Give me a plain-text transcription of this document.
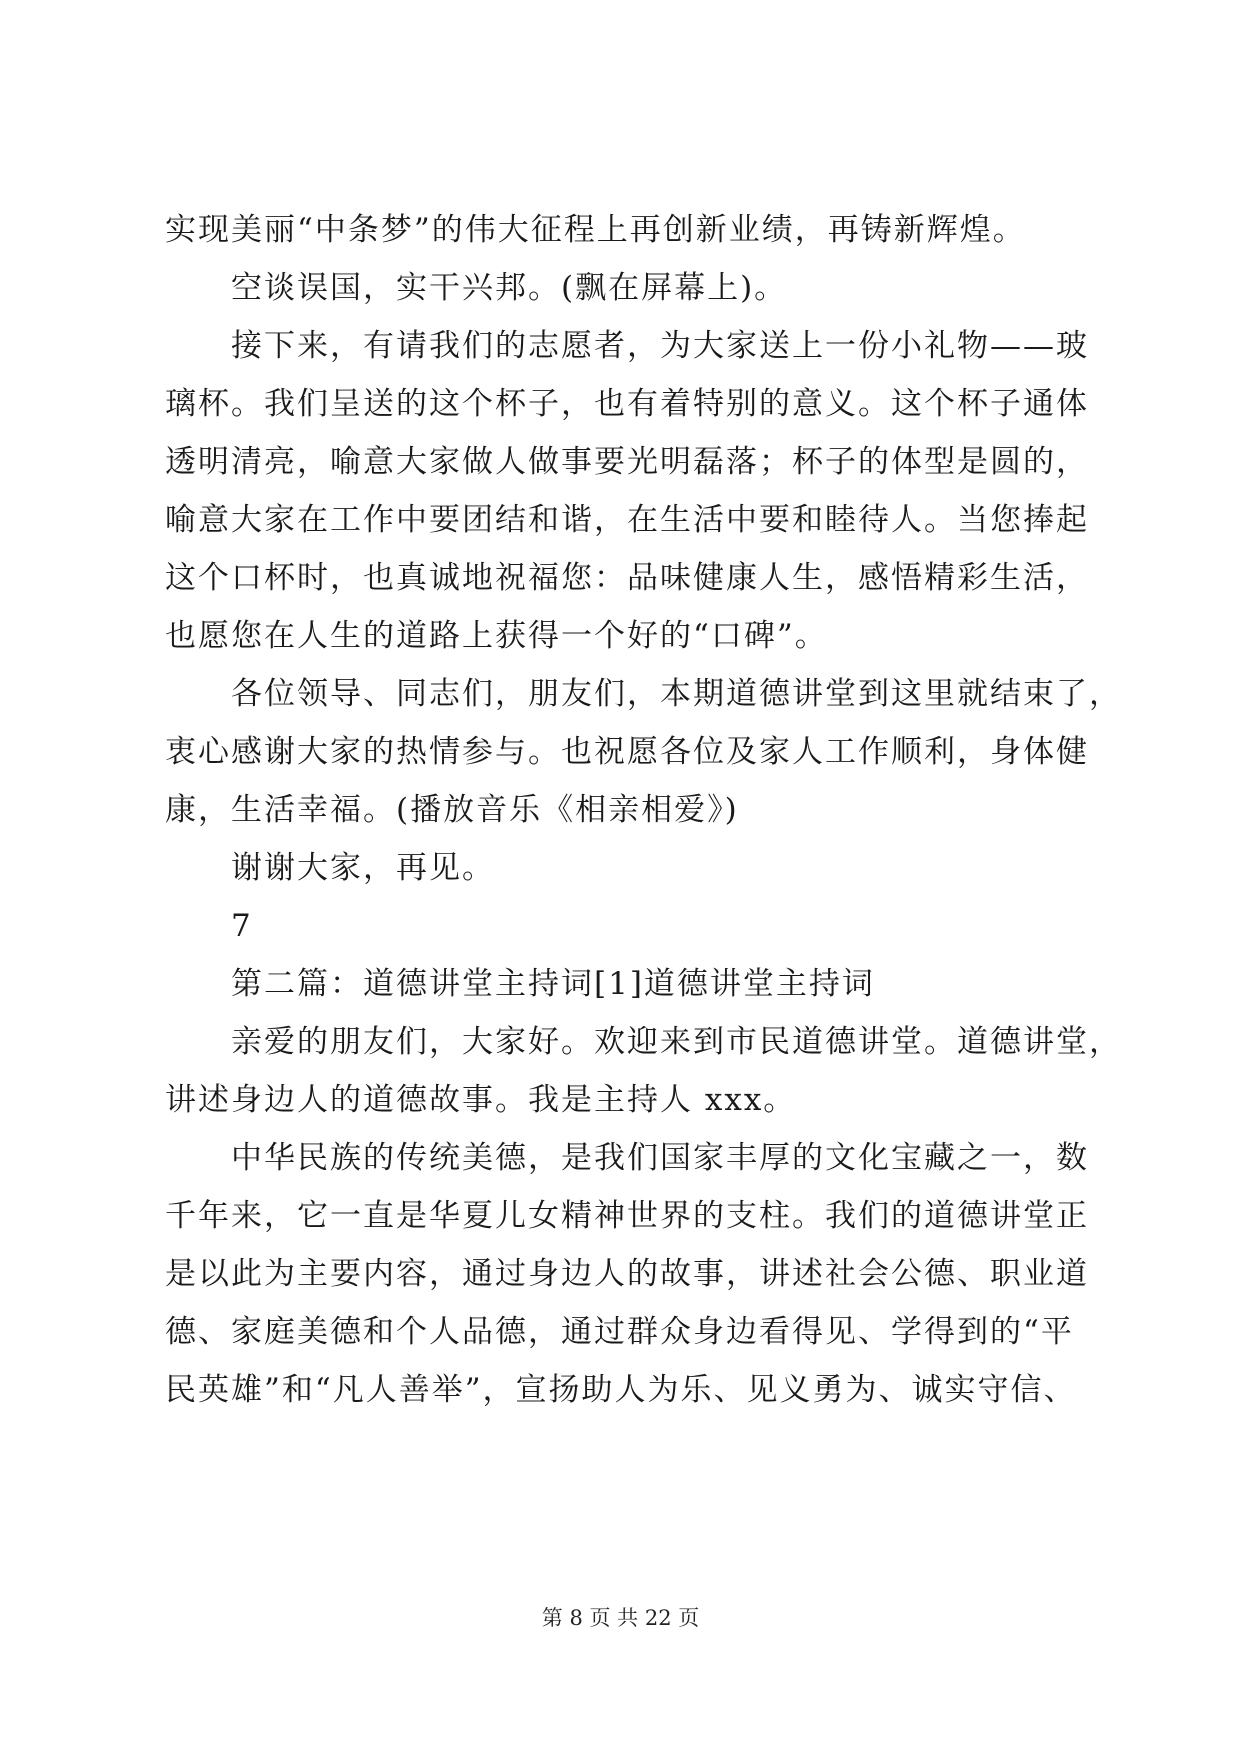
实现美丽“中条梦”的伟大征程上再创新业绩，再铸新辉煌。
空谈误国，实干兴邦。(飘在屏幕上)。
接下来，有请我们的志愿者，为大家送上一份小礼物——玻
璃杯。我们呈送的这个杯子，也有着特别的意义。这个杯子通体
透明清亮，喻意大家做人做事要光明磊落；杯子的体型是圆的，
喻意大家在工作中要团结和谐，在生活中要和睦待人。当您捧起
这个口杯时，也真诚地祝福您：品味健康人生，感悟精彩生活，
也愿您在人生的道路上获得一个好的“口碑”。
各位领导、同志们，朋友们，本期道德讲堂到这里就结束了，
衷心感谢大家的热情参与。也祝愿各位及家人工作顺利，身体健
康，生活幸福。(播放音乐《相亲相爱》)
谢谢大家，再见。
7
第二篇：道德讲堂主持词[1]道德讲堂主持词
亲爱的朋友们，大家好。欢迎来到市民道德讲堂。道德讲堂，
讲述身边人的道德故事。我是主持人 xxx。
中华民族的传统美德，是我们国家丰厚的文化宝藏之一，数
千年来，它一直是华夏儿女精神世界的支柱。我们的道德讲堂正
是以此为主要内容，通过身边人的故事，讲述社会公德、职业道
德、家庭美德和个人品德，通过群众身边看得见、学得到的“平
民英雄”和“凡人善举”，宣扬助人为乐、见义勇为、诚实守信、
第 8 页 共 22 页
